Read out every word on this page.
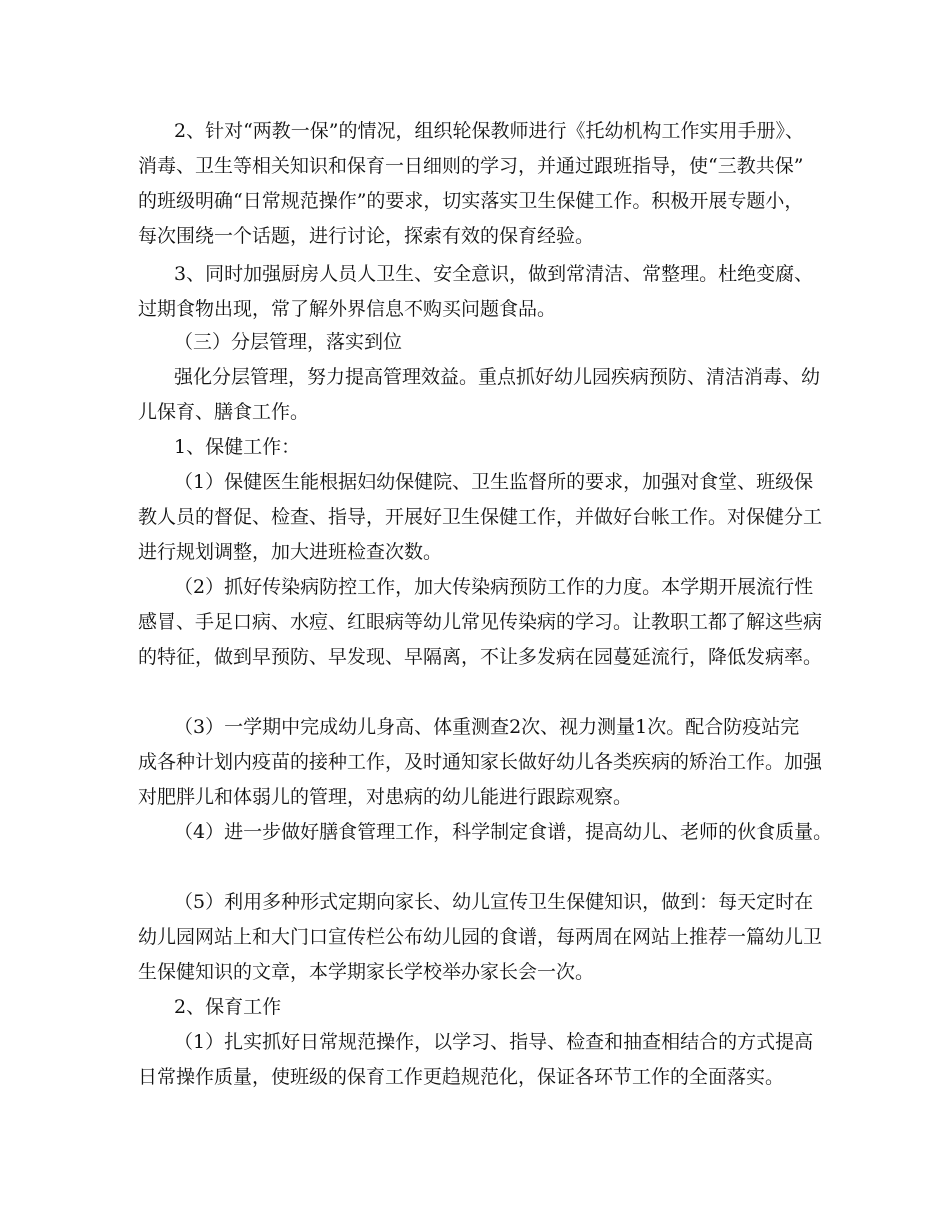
2、针对“两教一保”的情况，组织轮保教师进行《托幼机构工作实用手册》、
消毒、卫生等相关知识和保育一日细则的学习，并通过跟班指导，使“三教共保”
的班级明确“日常规范操作”的要求，切实落实卫生保健工作。积极开展专题小，
每次围绕一个话题，进行讨论，探索有效的保育经验。
3、同时加强厨房人员人卫生、安全意识，做到常清洁、常整理。杜绝变腐、
过期食物出现，常了解外界信息不购买问题食品。
（三）分层管理，落实到位
强化分层管理，努力提高管理效益。重点抓好幼儿园疾病预防、清洁消毒、幼
儿保育、膳食工作。
1、保健工作：
（1）保健医生能根据妇幼保健院、卫生监督所的要求，加强对食堂、班级保
教人员的督促、检查、指导，开展好卫生保健工作，并做好台帐工作。对保健分工
进行规划调整，加大进班检查次数。
（2）抓好传染病防控工作，加大传染病预防工作的力度。本学期开展流行性
感冒、手足口病、水痘、红眼病等幼儿常见传染病的学习。让教职工都了解这些病
的特征，做到早预防、早发现、早隔离，不让多发病在园蔓延流行，降低发病率。
（3）一学期中完成幼儿身高、体重测查2次、视力测量1次。配合防疫站完
成各种计划内疫苗的接种工作，及时通知家长做好幼儿各类疾病的矫治工作。加强
对肥胖儿和体弱儿的管理，对患病的幼儿能进行跟踪观察。
（4）进一步做好膳食管理工作，科学制定食谱，提高幼儿、老师的伙食质量。
（5）利用多种形式定期向家长、幼儿宣传卫生保健知识，做到：每天定时在
幼儿园网站上和大门口宣传栏公布幼儿园的食谱，每两周在网站上推荐一篇幼儿卫
生保健知识的文章，本学期家长学校举办家长会一次。
2、保育工作
（1）扎实抓好日常规范操作，以学习、指导、检查和抽查相结合的方式提高
日常操作质量，使班级的保育工作更趋规范化，保证各环节工作的全面落实。
